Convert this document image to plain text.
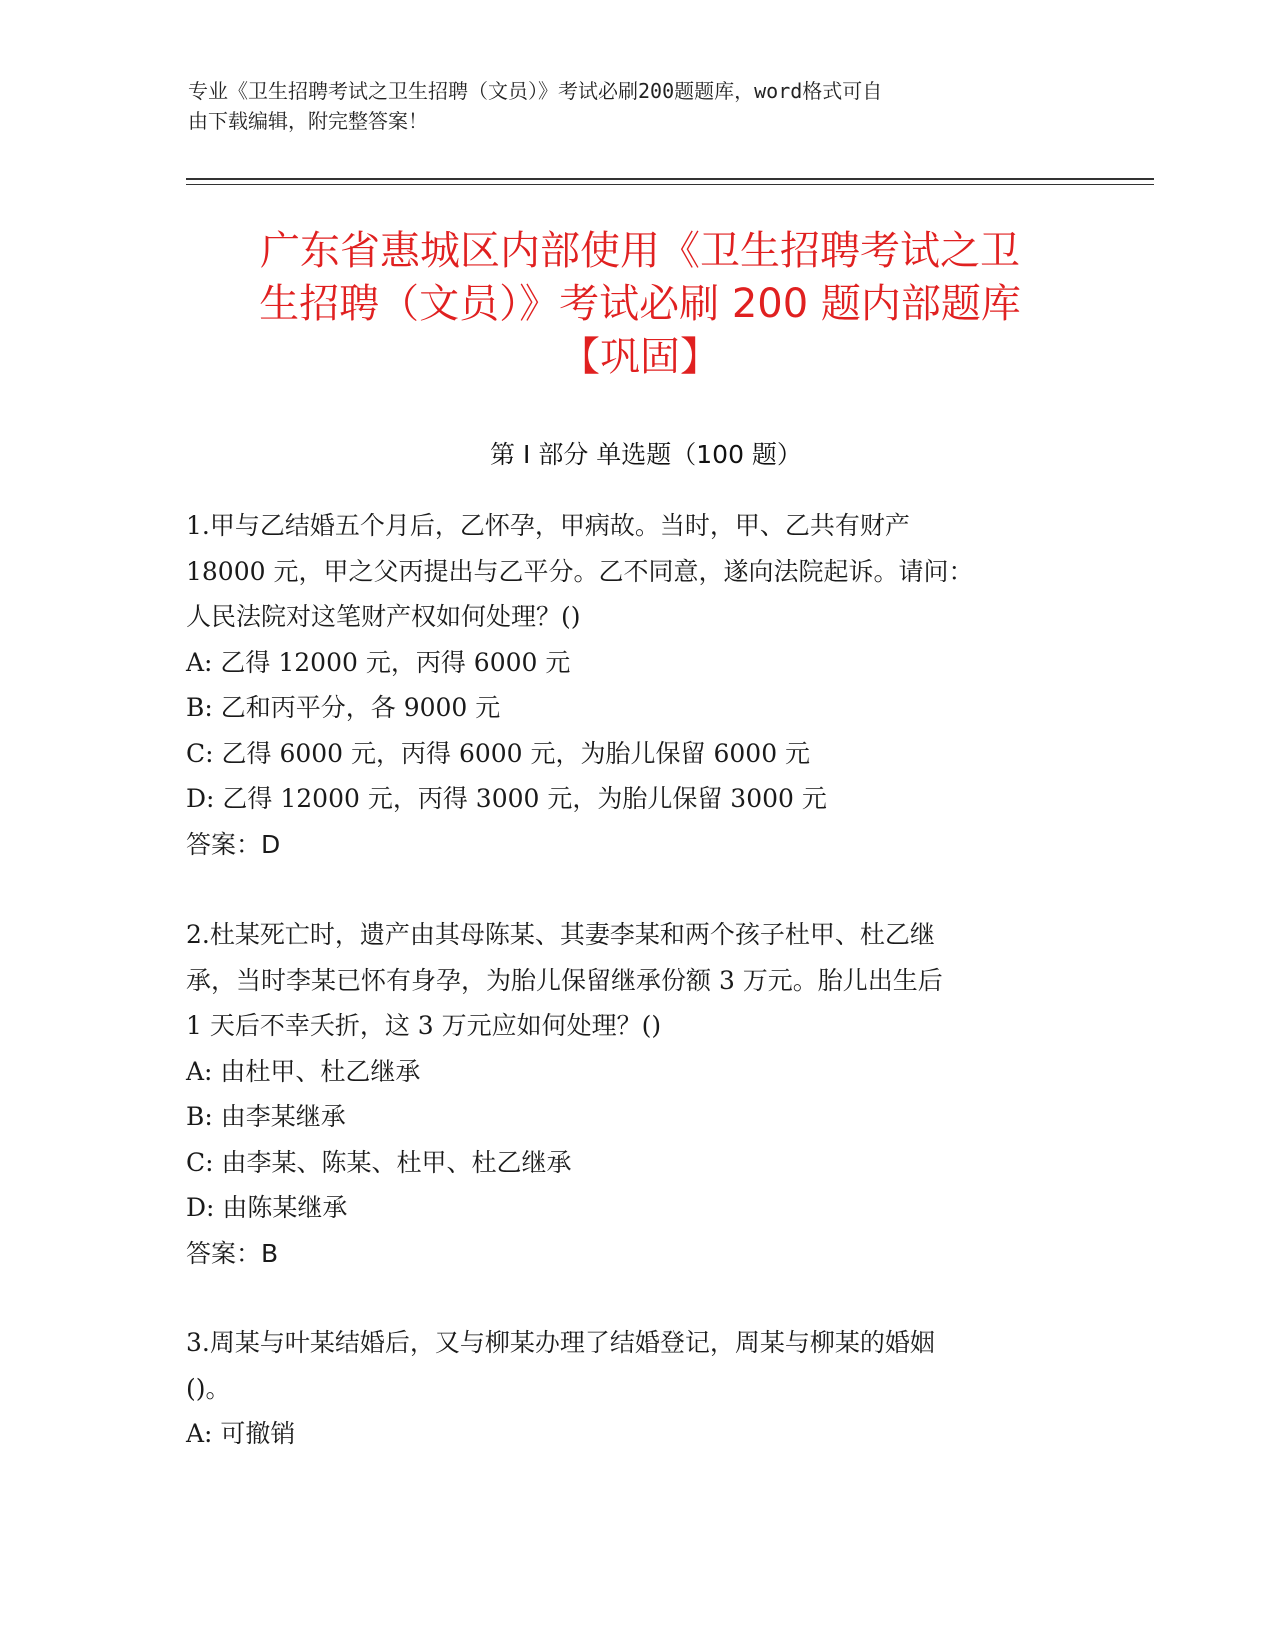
专业《卫生招聘考试之卫生招聘（文员）》考试必刷200题题库，word格式可自
由下载编辑，附完整答案！
广东省惠城区内部使用《卫生招聘考试之卫
生招聘（文员）》考试必刷 200 题内部题库
【巩固】
第 I 部分 单选题（100 题）
1.甲与乙结婚五个月后，乙怀孕，甲病故。当时，甲、乙共有财产
18000 元，甲之父丙提出与乙平分。乙不同意，遂向法院起诉。请问：
人民法院对这笔财产权如何处理？()
A: 乙得 12000 元，丙得 6000 元
B: 乙和丙平分，各 9000 元
C: 乙得 6000 元，丙得 6000 元，为胎儿保留 6000 元
D: 乙得 12000 元，丙得 3000 元，为胎儿保留 3000 元
答案：D
2.杜某死亡时，遗产由其母陈某、其妻李某和两个孩子杜甲、杜乙继
承，当时李某已怀有身孕，为胎儿保留继承份额 3 万元。胎儿出生后
1 天后不幸夭折，这 3 万元应如何处理？()
A: 由杜甲、杜乙继承
B: 由李某继承
C: 由李某、陈某、杜甲、杜乙继承
D: 由陈某继承
答案：B
3.周某与叶某结婚后，又与柳某办理了结婚登记，周某与柳某的婚姻
()。
A: 可撤销
